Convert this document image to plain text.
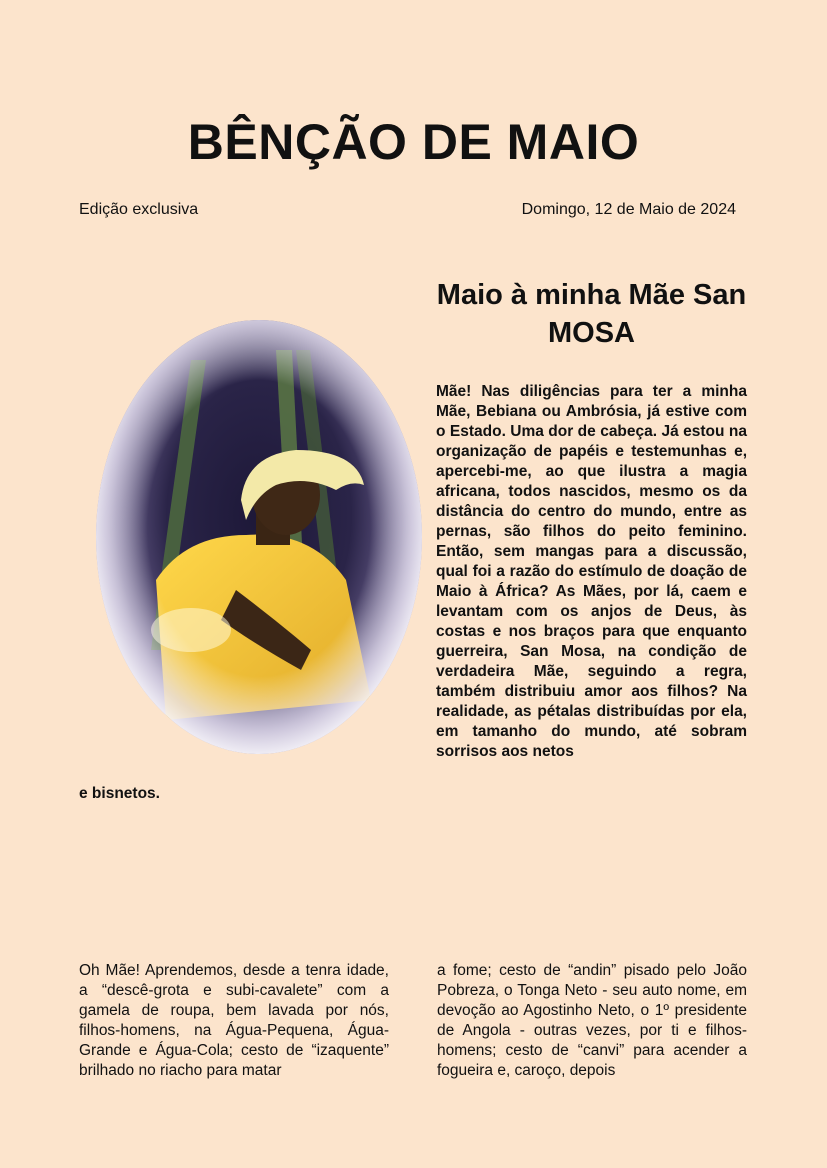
BÊNÇÃO DE MAIO
Edição exclusiva	Domingo, 12 de Maio de 2024
Maio à minha Mãe San MOSA

Mãe! Nas diligências para ter a minha Mãe, Bebiana ou Ambrósia, já estive com o Estado. Uma dor de cabeça. Já estou na organização de papéis e testemunhas e, apercebi-me, ao que ilustra a magia africana, todos nascidos, mesmo os da distância do centro do mundo, entre as pernas, são filhos do peito feminino. Então, sem mangas para a discussão, qual foi a razão do estímulo de doação de Maio à África? As Mães, por lá, caem e levantam com os anjos de Deus, às costas e nos braços para que enquanto guerreira, San Mosa, na condição de verdadeira Mãe, seguindo a regra, também distribuiu amor aos filhos? Na realidade, as pétalas distribuídas por ela, em tamanho do mundo, até sobram sorrisos aos netos

e bisnetos.

Oh Mãe! Aprendemos, desde a tenra idade, a “descê-grota e subi-cavalete” com a gamela de roupa, bem lavada por nós, filhos-homens, na Água-Pequena, Água-Grande e Água-Cola; cesto de “izaquente” brilhado no riacho para matar

a fome; cesto de “andin” pisado pelo João Pobreza, o Tonga Neto - seu auto nome, em devoção ao Agostinho Neto, o 1º presidente de Angola - outras vezes, por ti e filhos-homens; cesto de “canvi” para acender a fogueira e, caroço, depois
